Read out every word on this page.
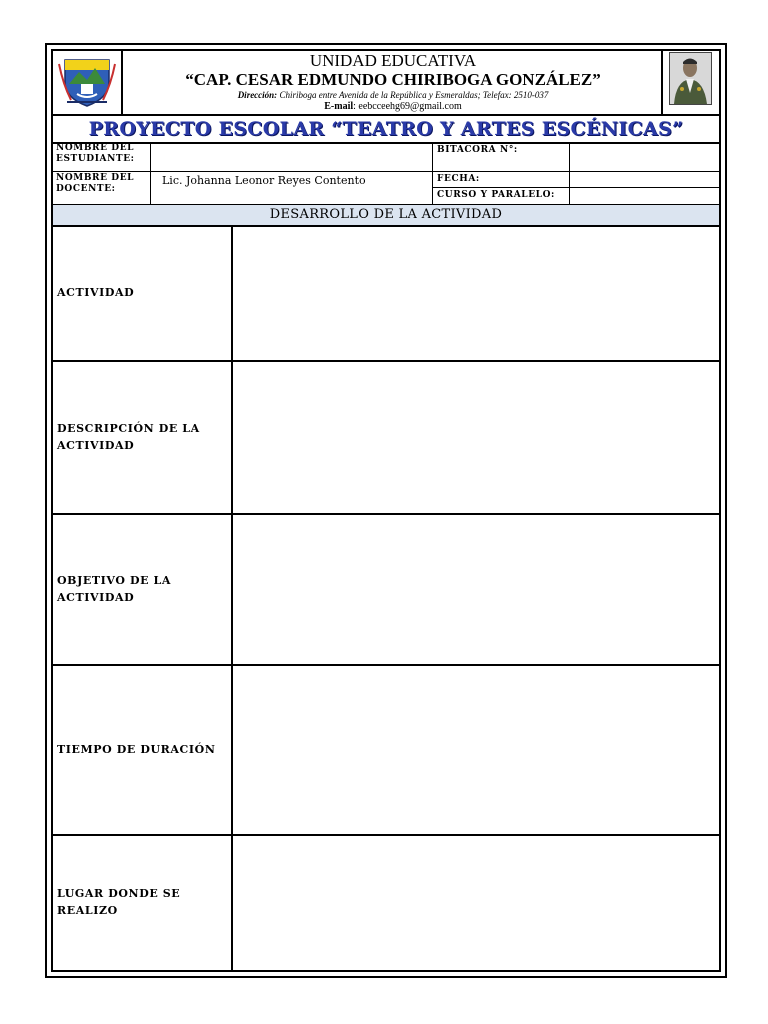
UNIDAD EDUCATIVA
“CAP. CESAR EDMUNDO CHIRIBOGA GONZÁLEZ”
Dirección: Chiriboga entre Avenida de la República y Esmeraldas; Telefax: 2510-037
E-mail: eebcceehg69@gmail.com
PROYECTO ESCOLAR “TEATRO Y ARTES ESCÉNICAS”
NOMBRE DEL ESTUDIANTE:
BITACORA N°:
NOMBRE DEL DOCENTE:
Lic. Johanna Leonor Reyes Contento	FECHA:
CURSO Y PARALELO:
DESARROLLO DE LA ACTIVIDAD
ACTIVIDAD
DESCRIPCIÓN DE LA ACTIVIDAD
OBJETIVO DE LA ACTIVIDAD
TIEMPO DE DURACIÓN
LUGAR DONDE SE REALIZO
